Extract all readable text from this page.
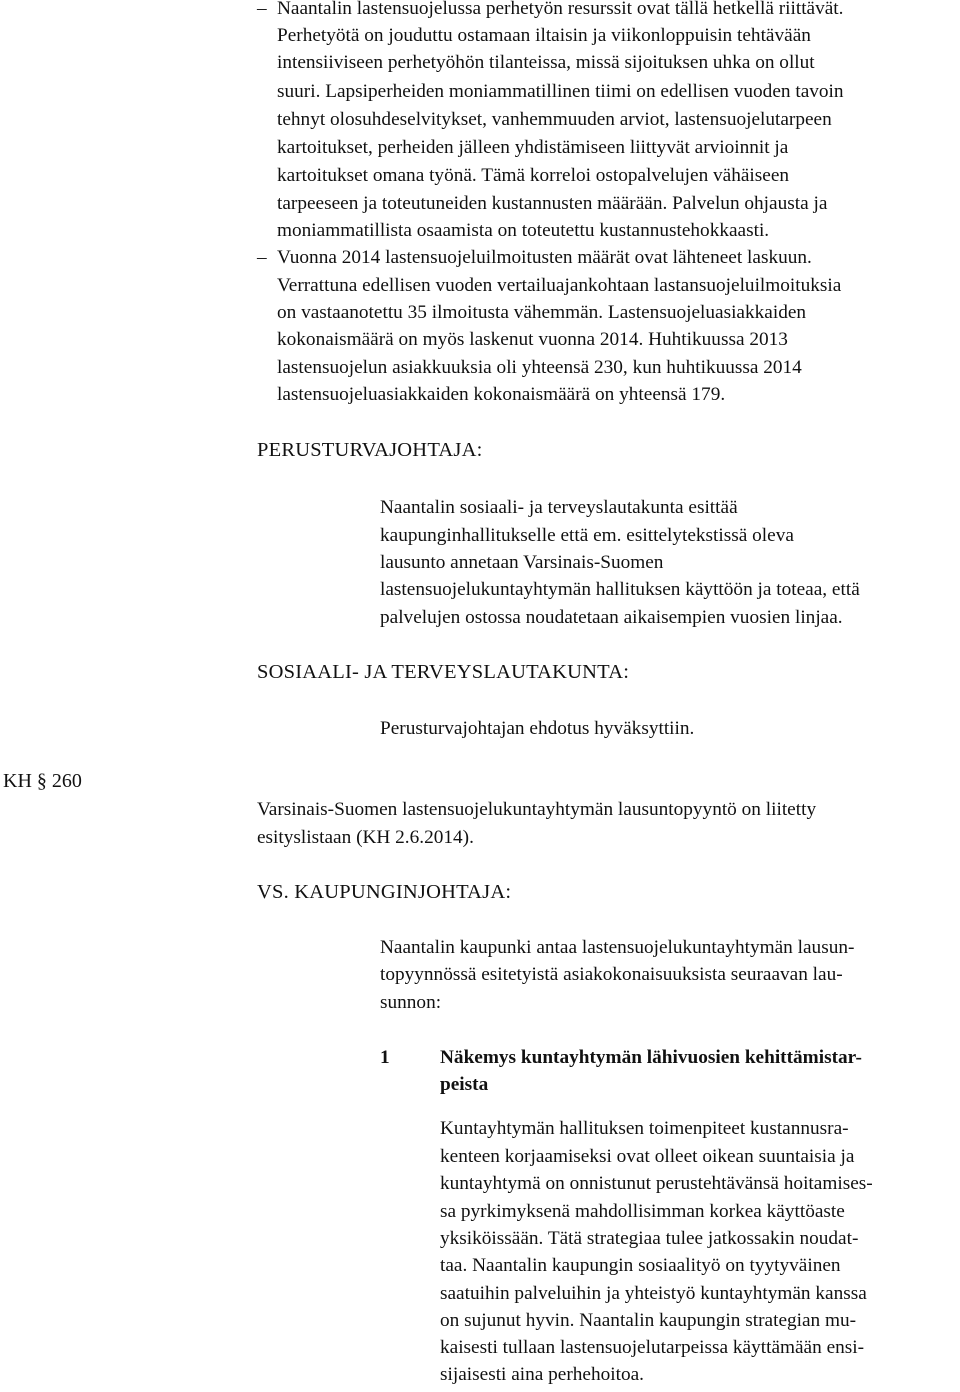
– Naantalin lastensuojelussa perhetyön resurssit ovat tällä hetkellä riittävät.
Perhetyötä on jouduttu ostamaan iltaisin ja viikonloppuisin tehtävään
intensiiviseen perhetyöhön tilanteissa, missä sijoituksen uhka on ollut
suuri. Lapsiperheiden moniammatillinen tiimi on edellisen vuoden tavoin
tehnyt olosuhdeselvitykset, vanhemmuuden arviot, lastensuojelutarpeen
kartoitukset, perheiden jälleen yhdistämiseen liittyvät arvioinnit ja
kartoitukset omana työnä. Tämä korreloi ostopalvelujen vähäiseen
tarpeeseen ja toteutuneiden kustannusten määrään. Palvelun ohjausta ja
moniammatillista osaamista on toteutettu kustannustehokkaasti.
– Vuonna 2014 lastensuojeluilmoitusten määrät ovat lähteneet laskuun.
Verrattuna edellisen vuoden vertailuajankohtaan lastansuojeluilmoituksia
on vastaanotettu 35 ilmoitusta vähemmän. Lastensuojeluasiakkaiden
kokonaismäärä on myös laskenut vuonna 2014. Huhtikuussa 2013
lastensuojelun asiakkuuksia oli yhteensä 230, kun huhtikuussa 2014
lastensuojeluasiakkaiden kokonaismäärä on yhteensä 179.
PERUSTURVAJOHTAJA:
Naantalin sosiaali- ja terveyslautakunta esittää
kaupunginhallitukselle että em. esittelytekstissä oleva
lausunto annetaan Varsinais-Suomen
lastensuojelukuntayhtymän hallituksen käyttöön ja toteaa, että
palvelujen ostossa noudatetaan aikaisempien vuosien linjaa.
SOSIAALI- JA TERVEYSLAUTAKUNTA:
Perusturvajohtajan ehdotus hyväksyttiin.
KH § 260
Varsinais-Suomen lastensuojelukuntayhtymän lausuntopyyntö on liitetty
esityslistaan (KH 2.6.2014).
VS. KAUPUNGINJOHTAJA:
Naantalin kaupunki antaa lastensuojelukuntayhtymän lausun-
topyynnössä esitetyistä asiakokonaisuuksista seuraavan lau-
sunnon:
1	Näkemys kuntayhtymän lähivuosien kehittämistar-
peista
Kuntayhtymän hallituksen toimenpiteet kustannusra-
kenteen korjaamiseksi ovat olleet oikean suuntaisia ja
kuntayhtymä on onnistunut perustehtävänsä hoitamises-
sa pyrkimyksenä mahdollisimman korkea käyttöaste
yksiköissään. Tätä strategiaa tulee jatkossakin noudat-
taa. Naantalin kaupungin sosiaalityö on tyytyväinen
saatuihin palveluihin ja yhteistyö kuntayhtymän kanssa
on sujunut hyvin. Naantalin kaupungin strategian mu-
kaisesti tullaan lastensuojelutarpeissa käyttämään ensi-
sijaisesti aina perhehoitoa.
